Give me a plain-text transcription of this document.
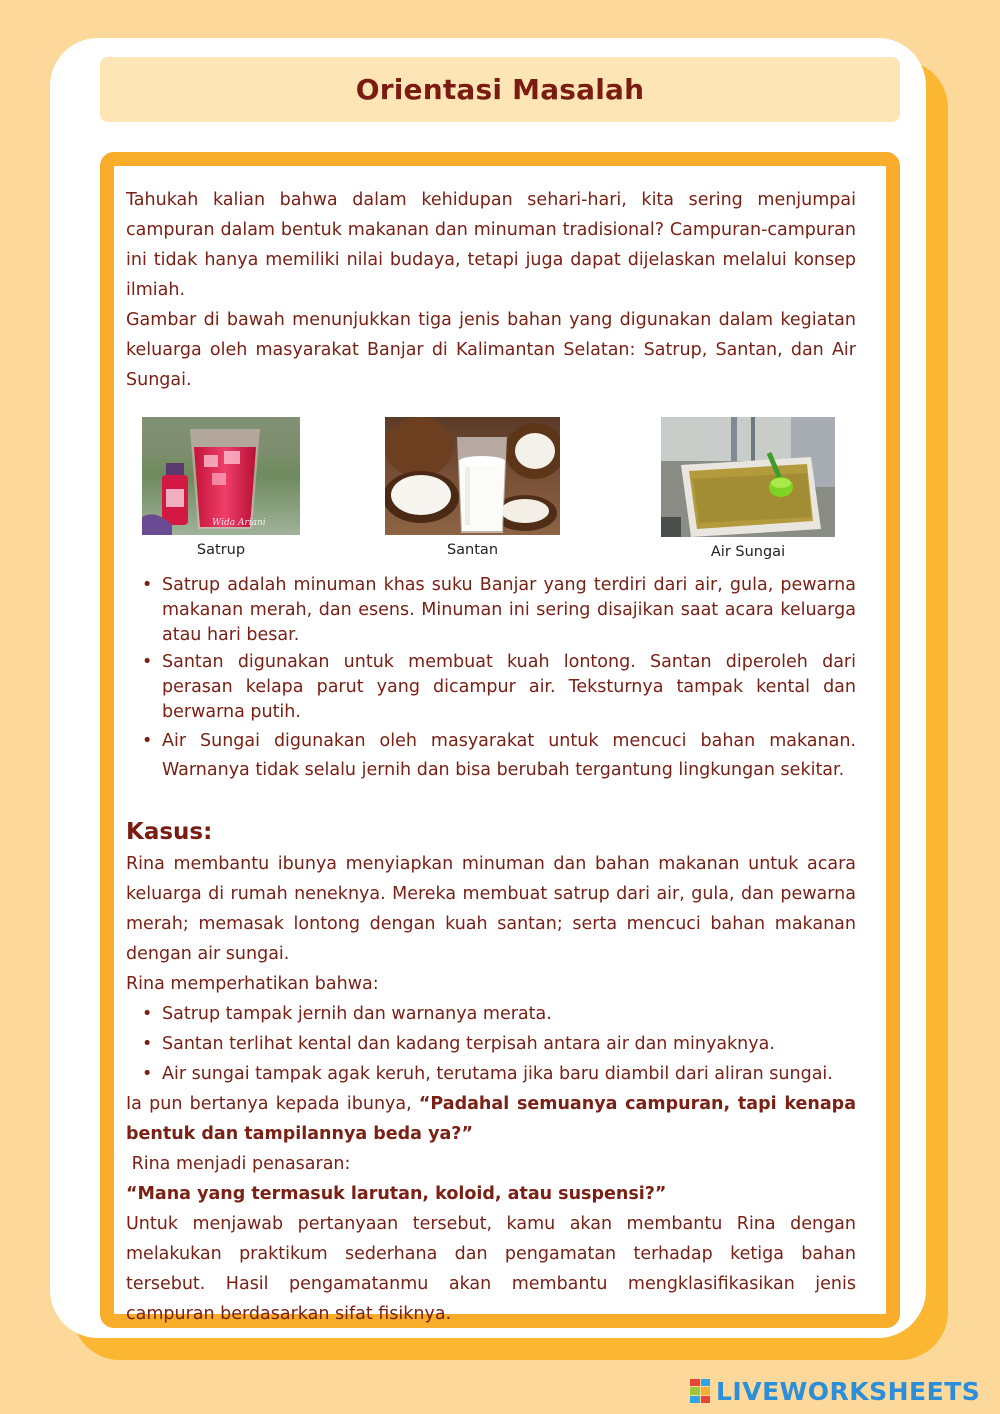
Orientasi Masalah

Tahukah kalian bahwa dalam kehidupan sehari-hari, kita sering menjumpai campuran dalam bentuk makanan dan minuman tradisional? Campuran-campuran ini tidak hanya memiliki nilai budaya, tetapi juga dapat dijelaskan melalui konsep ilmiah.

Gambar di bawah menunjukkan tiga jenis bahan yang digunakan dalam kegiatan keluarga oleh masyarakat Banjar di Kalimantan Selatan: Satrup, Santan, dan Air Sungai.

Wida Ariani
Satrup	Santan	Air Sungai
• Satrup adalah minuman khas suku Banjar yang terdiri dari air, gula, pewarna makanan merah, dan esens. Minuman ini sering disajikan saat acara keluarga atau hari besar.
• Santan digunakan untuk membuat kuah lontong. Santan diperoleh dari perasan kelapa parut yang dicampur air. Teksturnya tampak kental dan berwarna putih.
• Air Sungai digunakan oleh masyarakat untuk mencuci bahan makanan. Warnanya tidak selalu jernih dan bisa berubah tergantung lingkungan sekitar.
Kasus:

Rina membantu ibunya menyiapkan minuman dan bahan makanan untuk acara keluarga di rumah neneknya. Mereka membuat satrup dari air, gula, dan pewarna merah; memasak lontong dengan kuah santan; serta mencuci bahan makanan dengan air sungai.

Rina memperhatikan bahwa:

• Satrup tampak jernih dan warnanya merata.
• Santan terlihat kental dan kadang terpisah antara air dan minyaknya.
• Air sungai tampak agak keruh, terutama jika baru diambil dari aliran sungai.

Ia pun bertanya kepada ibunya, “Padahal semuanya campuran, tapi kenapa bentuk dan tampilannya beda ya?”

Rina menjadi penasaran:

“Mana yang termasuk larutan, koloid, atau suspensi?”

Untuk menjawab pertanyaan tersebut, kamu akan membantu Rina dengan melakukan praktikum sederhana dan pengamatan terhadap ketiga bahan tersebut. Hasil pengamatanmu akan membantu mengklasifikasikan jenis campuran berdasarkan sifat fisiknya.

LIVEWORKSHEETS
